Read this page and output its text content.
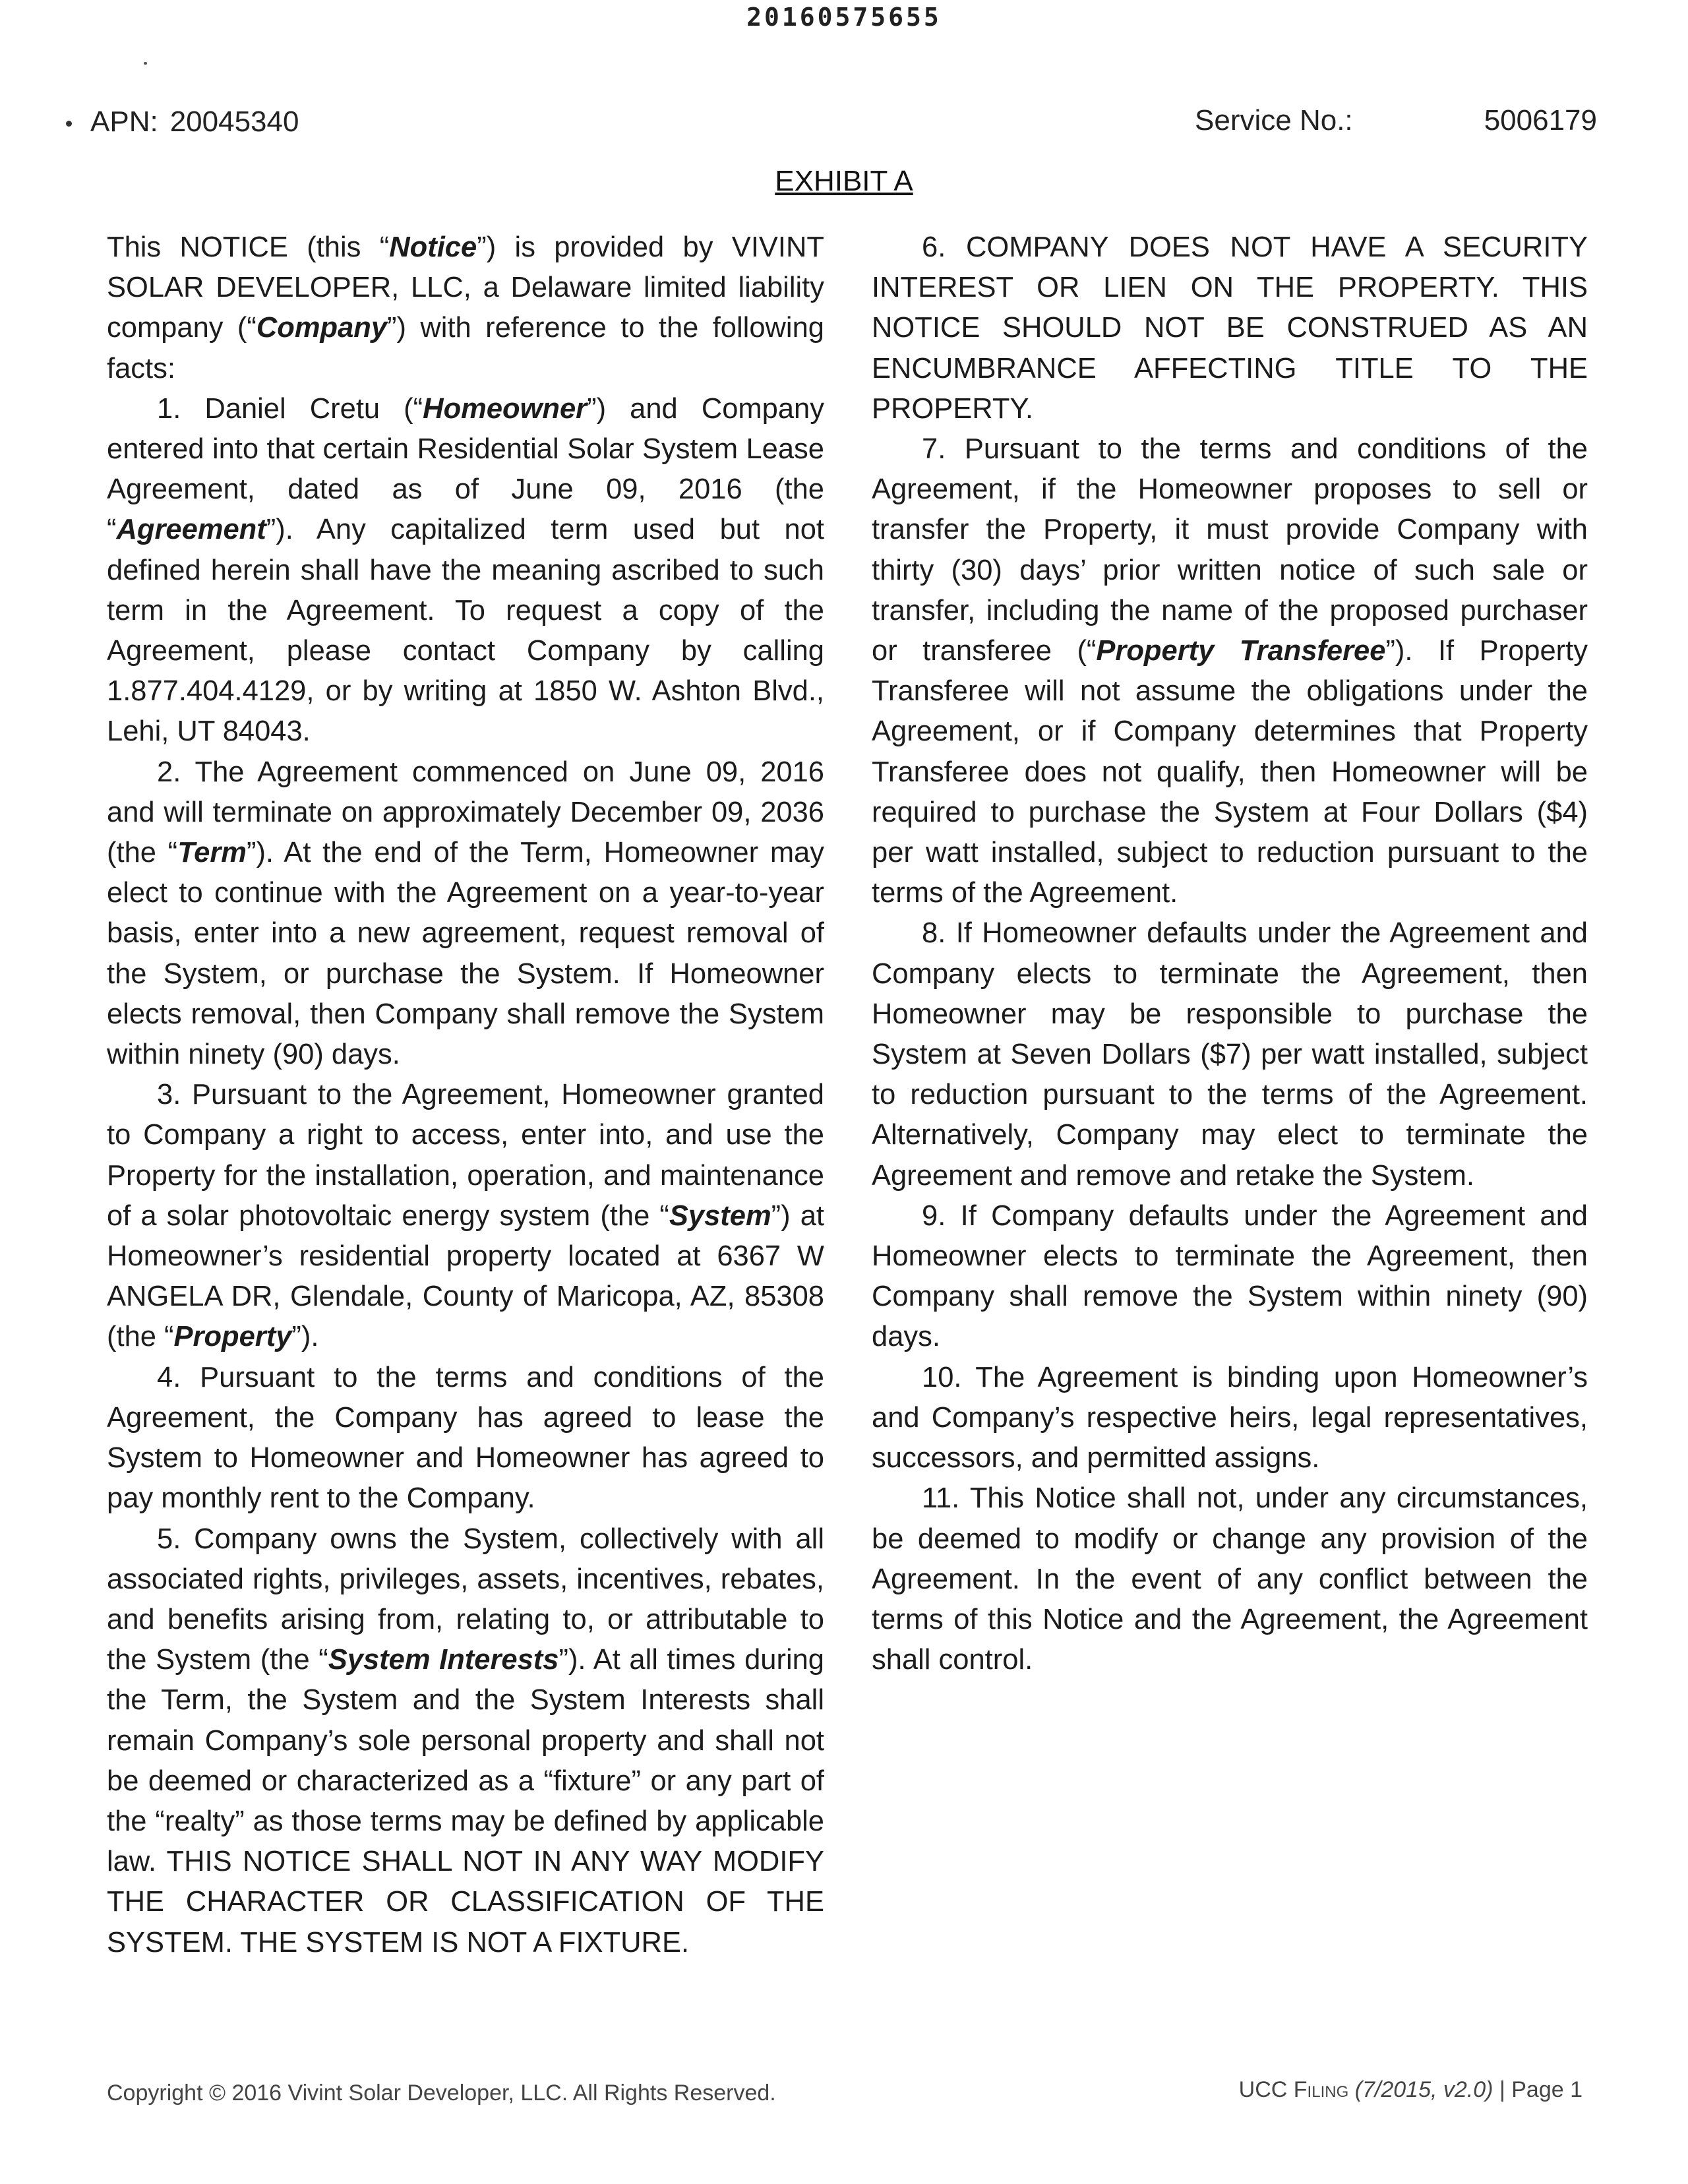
20160575655
APN: 20045340	Service No.:	5006179
EXHIBIT A

This NOTICE (this “Notice”) is provided by VIVINT SOLAR DEVELOPER, LLC, a Delaware limited liability company (“Company”) with reference to the following facts:

1. Daniel Cretu (“Homeowner”) and Company entered into that certain Residential Solar System Lease Agreement, dated as of June 09, 2016 (the “Agreement”). Any capitalized term used but not defined herein shall have the meaning ascribed to such term in the Agreement. To request a copy of the Agreement, please contact Company by calling 1.877.404.4129, or by writing at 1850 W. Ashton Blvd., Lehi, UT 84043.

2. The Agreement commenced on June 09, 2016 and will terminate on approximately December 09, 2036 (the “Term”). At the end of the Term, Homeowner may elect to continue with the Agreement on a year-to-year basis, enter into a new agreement, request removal of the System, or purchase the System. If Homeowner elects removal, then Company shall remove the System within ninety (90) days.

3. Pursuant to the Agreement, Homeowner granted to Company a right to access, enter into, and use the Property for the installation, operation, and maintenance of a solar photovoltaic energy system (the “System”) at Homeowner’s residential property located at 6367 W ANGELA DR, Glendale, County of Maricopa, AZ, 85308 (the “Property”).

4. Pursuant to the terms and conditions of the Agreement, the Company has agreed to lease the System to Homeowner and Homeowner has agreed to pay monthly rent to the Company.

5. Company owns the System, collectively with all associated rights, privileges, assets, incentives, rebates, and benefits arising from, relating to, or attributable to the System (the “System Interests”). At all times during the Term, the System and the System Interests shall remain Company’s sole personal property and shall not be deemed or characterized as a “fixture” or any part of the “realty” as those terms may be defined by applicable law. THIS NOTICE SHALL NOT IN ANY WAY MODIFY THE CHARACTER OR CLASSIFICATION OF THE SYSTEM. THE SYSTEM IS NOT A FIXTURE.

6. COMPANY DOES NOT HAVE A SECURITY INTEREST OR LIEN ON THE PROPERTY. THIS NOTICE SHOULD NOT BE CONSTRUED AS AN ENCUMBRANCE AFFECTING TITLE TO THE PROPERTY.

7. Pursuant to the terms and conditions of the Agreement, if the Homeowner proposes to sell or transfer the Property, it must provide Company with thirty (30) days’ prior written notice of such sale or transfer, including the name of the proposed purchaser or transferee (“Property Transferee”). If Property Transferee will not assume the obligations under the Agreement, or if Company determines that Property Transferee does not qualify, then Homeowner will be required to purchase the System at Four Dollars ($4) per watt installed, subject to reduction pursuant to the terms of the Agreement.

8. If Homeowner defaults under the Agreement and Company elects to terminate the Agreement, then Homeowner may be responsible to purchase the System at Seven Dollars ($7) per watt installed, subject to reduction pursuant to the terms of the Agreement. Alternatively, Company may elect to terminate the Agreement and remove and retake the System.

9. If Company defaults under the Agreement and Homeowner elects to terminate the Agreement, then Company shall remove the System within ninety (90) days.

10. The Agreement is binding upon Homeowner’s and Company’s respective heirs, legal representatives, successors, and permitted assigns.

11. This Notice shall not, under any circumstances, be deemed to modify or change any provision of the Agreement. In the event of any conflict between the terms of this Notice and the Agreement, the Agreement shall control.

Copyright © 2016 Vivint Solar Developer, LLC. All Rights Reserved.	UCC Filing (7/2015, v2.0) | Page 1
